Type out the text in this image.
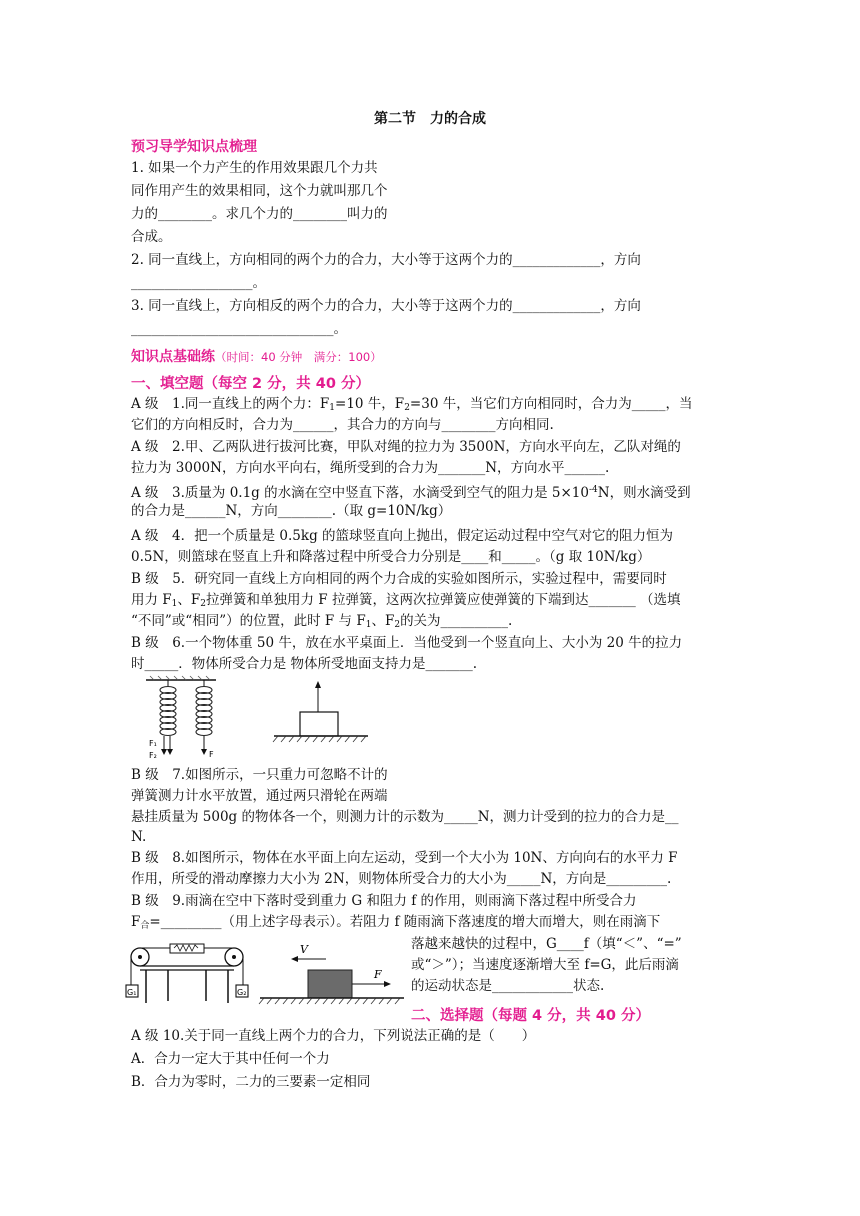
第二节　力的合成
预习导学知识点梳理
1. 如果一个力产生的作用效果跟几个力共
同作用产生的效果相同，这个力就叫那几个
力的________。求几个力的________叫力的
合成。
2. 同一直线上，方向相同的两个力的合力，大小等于这两个力的_____________，方向
__________________。
3. 同一直线上，方向相反的两个力的合力，大小等于这两个力的_____________，方向
______________________________。
知识点基础练（时间：40 分钟　满分：100）
一、填空题（每空 2 分，共 40 分）
A 级　1.同一直线上的两个力：$F_1=10$ 牛，$F_2=30$ 牛，当它们方向相同时，合力为_____，当
它们的方向相反时，合力为______，其合力的方向与________方向相同.
A 级　2.甲、乙两队进行拔河比赛，甲队对绳的拉力为 3500N，方向水平向左，乙队对绳的
拉力为 3000N，方向水平向右，绳所受到的合力为_______N，方向水平______.
A 级　3.质量为 0.1g 的水滴在空中竖直下落，水滴受到空气的阻力是 $5\times 10^{-4}N$，则水滴受到
的合力是______N，方向________.（取 g=10N/kg）
A 级　4．把一个质量是 0.5kg 的篮球竖直向上抛出，假定运动过程中空气对它的阻力恒为
0.5N，则篮球在竖直上升和降落过程中所受合力分别是____和_____。（g 取 10N/kg）
B 级　5．研究同一直线上方向相同的两个力合成的实验如图所示，实验过程中，需要同时
用力 $F_1$、$F_2$拉弹簧和单独用力 F 拉弹簧，这两次拉弹簧应使弹簧的下端到达_______ （选填
“不同”或“相同”）的位置，此时 F 与 $F_1$、$F_2$的关为__________.
B 级　6.一个物体重 50 牛，放在水平桌面上．当他受到一个竖直向上、大小为 20 牛的拉力
时_____．物体所受合力是 物体所受地面支持力是_______.
F₁
F₂	F
B 级　7.如图所示，一只重力可忽略不计的
弹簧测力计水平放置，通过两只滑轮在两端
悬挂质量为 500g 的物体各一个，则测力计的示数为_____N，测力计受到的拉力的合力是__
N.
B 级　8.如图所示，物体在水平面上向左运动，受到一个大小为 10N、方向向右的水平力 F
作用，所受的滑动摩擦力大小为 2N，则物体所受合力的大小为_____N，方向是_________.
B 级　9.雨滴在空中下落时受到重力 G 和阻力 f 的作用，则雨滴下落过程中所受合力
$F_合=\_\_\_\_\_\_\_\_\_$（用上述字母表示）。若阻力 f 随雨滴下落速度的增大而增大，则在雨滴下
落越来越快的过程中，G____f（填“＜”、“=”
或“＞”）；当速度逐渐增大至 f=G，此后雨滴
的运动状态是____________状态.
G₁	G₂
V
F
二、选择题（每题 4 分，共 40 分）
A 级 10.关于同一直线上两个力的合力，下列说法正确的是（　　）
A．合力一定大于其中任何一个力
B．合力为零时，二力的三要素一定相同
